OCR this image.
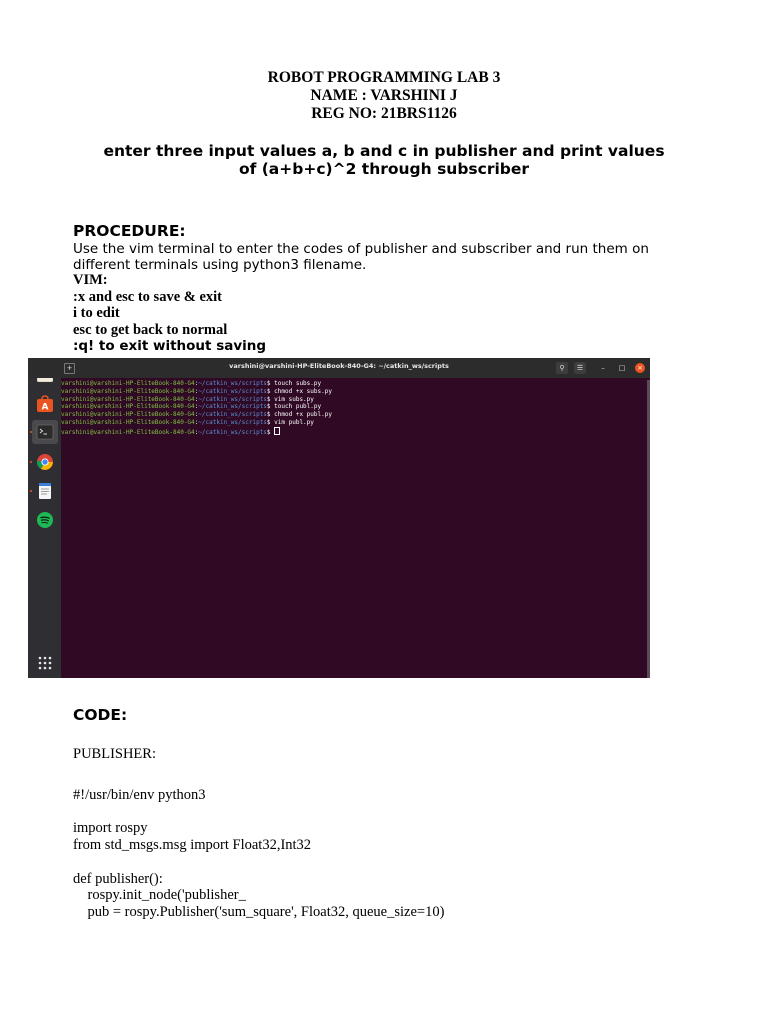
ROBOT PROGRAMMING LAB 3
NAME : VARSHINI J
REG NO: 21BRS1126
enter three input values a, b and c in publisher and print values
of (a+b+c)^2 through subscriber
PROCEDURE:
Use the vim terminal to enter the codes of publisher and subscriber and run them on
different terminals using python3 filename.
VIM:
:x and esc to save & exit
i to edit
esc to get back to normal
:q! to exit without saving
A
+	varshini@varshini-HP-EliteBook-840-G4: ~/catkin_ws/scripts	⚲	☰	–	□ ×
varshini@varshini-HP-EliteBook-840-G4:~/catkin_ws/scripts$ touch subs.py
varshini@varshini-HP-EliteBook-840-G4:~/catkin_ws/scripts$ chmod +x subs.py
varshini@varshini-HP-EliteBook-840-G4:~/catkin_ws/scripts$ vim subs.py
varshini@varshini-HP-EliteBook-840-G4:~/catkin_ws/scripts$ touch publ.py
varshini@varshini-HP-EliteBook-840-G4:~/catkin_ws/scripts$ chmod +x publ.py
varshini@varshini-HP-EliteBook-840-G4:~/catkin_ws/scripts$ vim publ.py
varshini@varshini-HP-EliteBook-840-G4:~/catkin_ws/scripts$
CODE:
PUBLISHER:
#!/usr/bin/env python3
import rospy
from std_msgs.msg import Float32,Int32
def publisher():
rospy.init_node('publisher_
pub = rospy.Publisher('sum_square', Float32, queue_size=10)
